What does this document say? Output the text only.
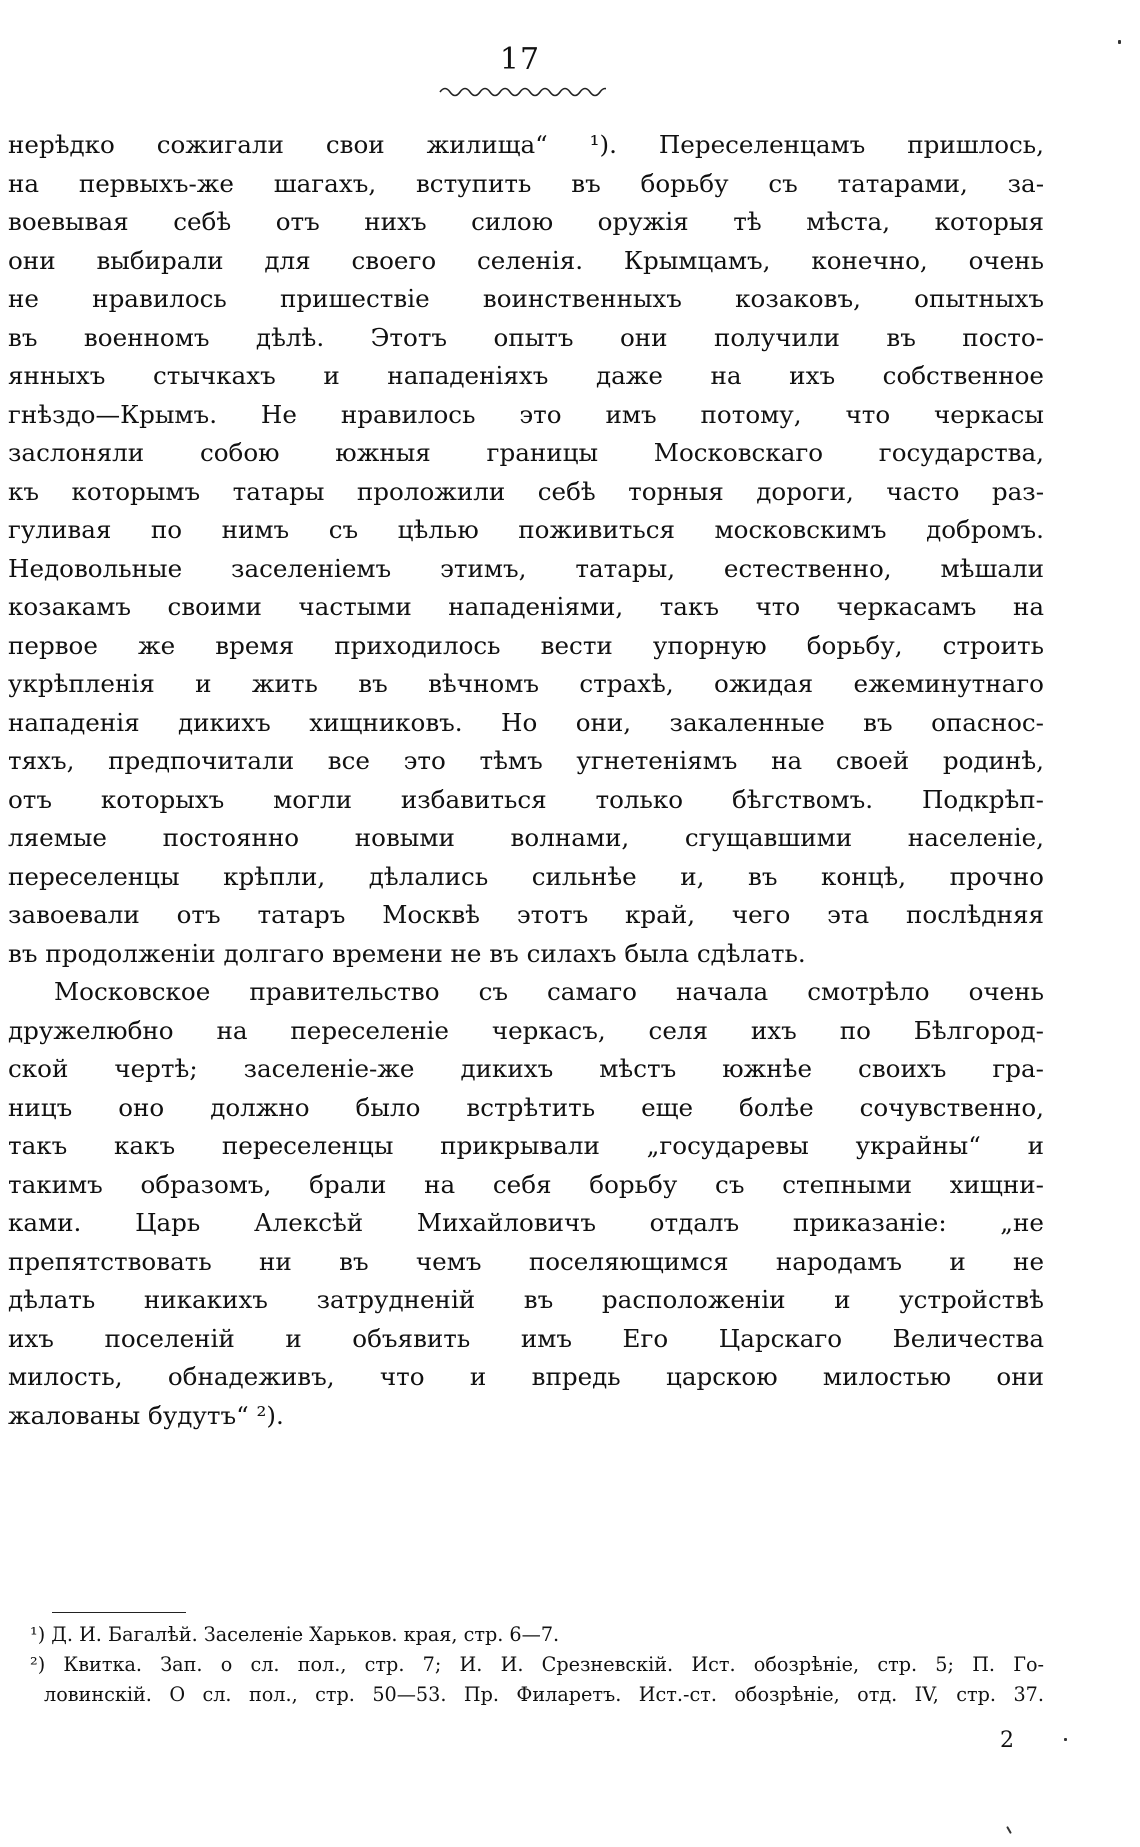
17
нерѣдко сожигали свои жилища“ ¹). Переселенцамъ пришлось,
на первыхъ-же шагахъ, вступить въ борьбу съ татарами, за-
воевывая себѣ отъ нихъ силою оружія тѣ мѣста, которыя
они выбирали для своего селенія. Крымцамъ, конечно, очень
не нравилось пришествіе воинственныхъ козаковъ, опытныхъ
въ военномъ дѣлѣ. Этотъ опытъ они получили въ посто-
янныхъ стычкахъ и нападеніяхъ даже на ихъ собственное
гнѣздо—Крымъ. Не нравилось это имъ потому, что черкасы
заслоняли собою южныя границы Московскаго государства,
къ которымъ татары проложили себѣ торныя дороги, часто раз-
гуливая по нимъ съ цѣлью поживиться московскимъ добромъ.
Недовольные заселеніемъ этимъ, татары, естественно, мѣшали
козакамъ своими частыми нападеніями, такъ что черкасамъ на
первое же время приходилось вести упорную борьбу, строить
укрѣпленія и жить въ вѣчномъ страхѣ, ожидая ежеминутнаго
нападенія дикихъ хищниковъ. Но они, закаленные въ опаснос-
тяхъ, предпочитали все это тѣмъ угнетеніямъ на своей родинѣ,
отъ которыхъ могли избавиться только бѣгствомъ. Подкрѣп-
ляемые постоянно новыми волнами, сгущавшими населеніе,
переселенцы крѣпли, дѣлались сильнѣе и, въ концѣ, прочно
завоевали отъ татаръ Москвѣ этотъ край, чего эта послѣдняя
въ продолженіи долгаго времени не въ силахъ была сдѣлать.
Московское правительство съ самаго начала смотрѣло очень
дружелюбно на переселеніе черкасъ, селя ихъ по Бѣлгород-
ской чертѣ; заселеніе-же дикихъ мѣстъ южнѣе своихъ гра-
ницъ оно должно было встрѣтить еще болѣе сочувственно,
такъ какъ переселенцы прикрывали „государевы украйны“ и
такимъ образомъ, брали на себя борьбу съ степными хищни-
ками. Царь Алексѣй Михайловичъ отдалъ приказаніе: „не
препятствовать ни въ чемъ поселяющимся народамъ и не
дѣлать никакихъ затрудненій въ расположеніи и устройствѣ
ихъ поселеній и объявить имъ Его Царскаго Величества
милость, обнадеживъ, что и впредь царскою милостью они
жалованы будутъ“ ²).
¹) Д. И. Багалѣй. Заселеніе Харьков. края, стр. 6—7.
²) Квитка. Зап. о сл. пол., стр. 7; И. И. Срезневскій. Ист. обозрѣніе, стр. 5; П. Го-
ловинскій. О сл. пол., стр. 50—53. Пр. Филаретъ. Ист.-ст. обозрѣніе, отд. IV, стр. 37.
2
